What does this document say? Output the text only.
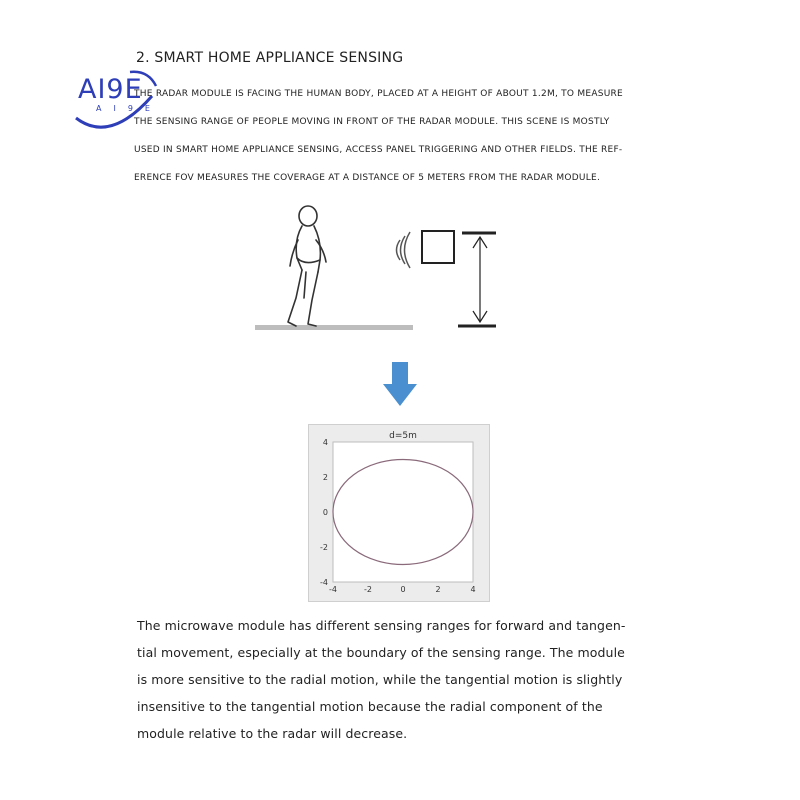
AI9E
AI9E
2. SMART HOME APPLIANCE SENSING

THE RADAR MODULE IS FACING THE HUMAN BODY, PLACED AT A HEIGHT OF ABOUT 1.2M, TO MEASURE
THE SENSING RANGE OF PEOPLE MOVING IN FRONT OF THE RADAR MODULE. THIS SCENE IS MOSTLY
USED IN SMART HOME APPLIANCE SENSING, ACCESS PANEL TRIGGERING AND OTHER FIELDS. THE REF-
ERENCE FOV MEASURES THE COVERAGE AT A DISTANCE OF 5 METERS FROM THE RADAR MODULE.

d=5m
-4	-2	0	2	4
4
2
0
-2
-4

The microwave module has different sensing ranges for forward and tangen-
tial movement, especially at the boundary of the sensing range. The module
is more sensitive to the radial motion, while the tangential motion is slightly
insensitive to the tangential motion because the radial component of the
module relative to the radar will decrease.
